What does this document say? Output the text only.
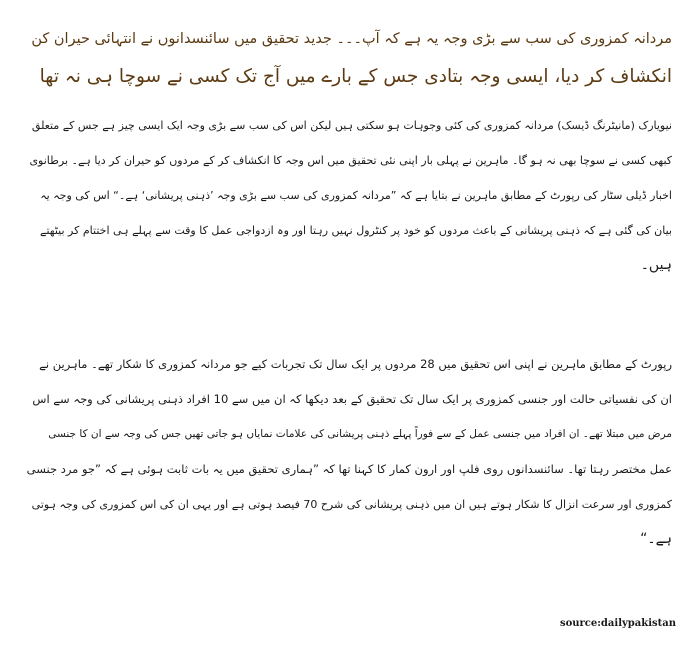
مردانہ کمزوری کی سب سے بڑی وجہ یہ ہے کہ آپ۔۔۔ جدید تحقیق میں سائنسدانوں نے انتہائی حیران کن
انکشاف کر دیا، ایسی وجہ بتادی جس کے بارے میں آج تک کسی نے سوچا ہی نہ تھا
نیویارک (مانیٹرنگ ڈیسک) مردانہ کمزوری کی کئی وجوہات ہو سکتی ہیں لیکن اس کی سب سے بڑی وجہ ایک ایسی چیز ہے جس کے متعلق
کبھی کسی نے سوچا بھی نہ ہو گا۔ ماہرین نے پہلی بار اپنی نئی تحقیق میں اس وجہ کا انکشاف کر کے مردوں کو حیران کر دیا ہے۔ برطانوی
اخبار ڈیلی سٹار کی رپورٹ کے مطابق ماہرین نے بتایا ہے کہ ”مردانہ کمزوری کی سب سے بڑی وجہ ’ذہنی پریشانی‘ ہے۔“ اس کی وجہ یہ
بیان کی گئی ہے کہ ذہنی پریشانی کے باعث مردوں کو خود پر کنٹرول نہیں رہتا اور وہ ازدواجی عمل کا وقت سے پہلے ہی اختتام کر بیٹھتے
ہیں۔
رپورٹ کے مطابق ماہرین نے اپنی اس تحقیق میں 28 مردوں پر ایک سال تک تجربات کیے جو مردانہ کمزوری کا شکار تھے۔ ماہرین نے
ان کی نفسیاتی حالت اور جنسی کمزوری پر ایک سال تک تحقیق کے بعد دیکھا کہ ان میں سے 10 افراد ذہنی پریشانی کی وجہ سے اس
مرض میں مبتلا تھے۔ ان افراد میں جنسی عمل کے سے فوراً پہلے ذہنی پریشانی کی علامات نمایاں ہو جاتی تھیں جس کی وجہ سے ان کا جنسی
عمل مختصر رہتا تھا۔ سائنسدانوں روی فلپ اور ارون کمار کا کہنا تھا کہ ”ہماری تحقیق میں یہ بات ثابت ہوئی ہے کہ ”جو مرد جنسی
کمزوری اور سرعت انزال کا شکار ہوتے ہیں ان میں ذہنی پریشانی کی شرح 70 فیصد ہوتی ہے اور یہی ان کی اس کمزوری کی وجہ ہوتی
ہے۔“
source:dailypakistan
